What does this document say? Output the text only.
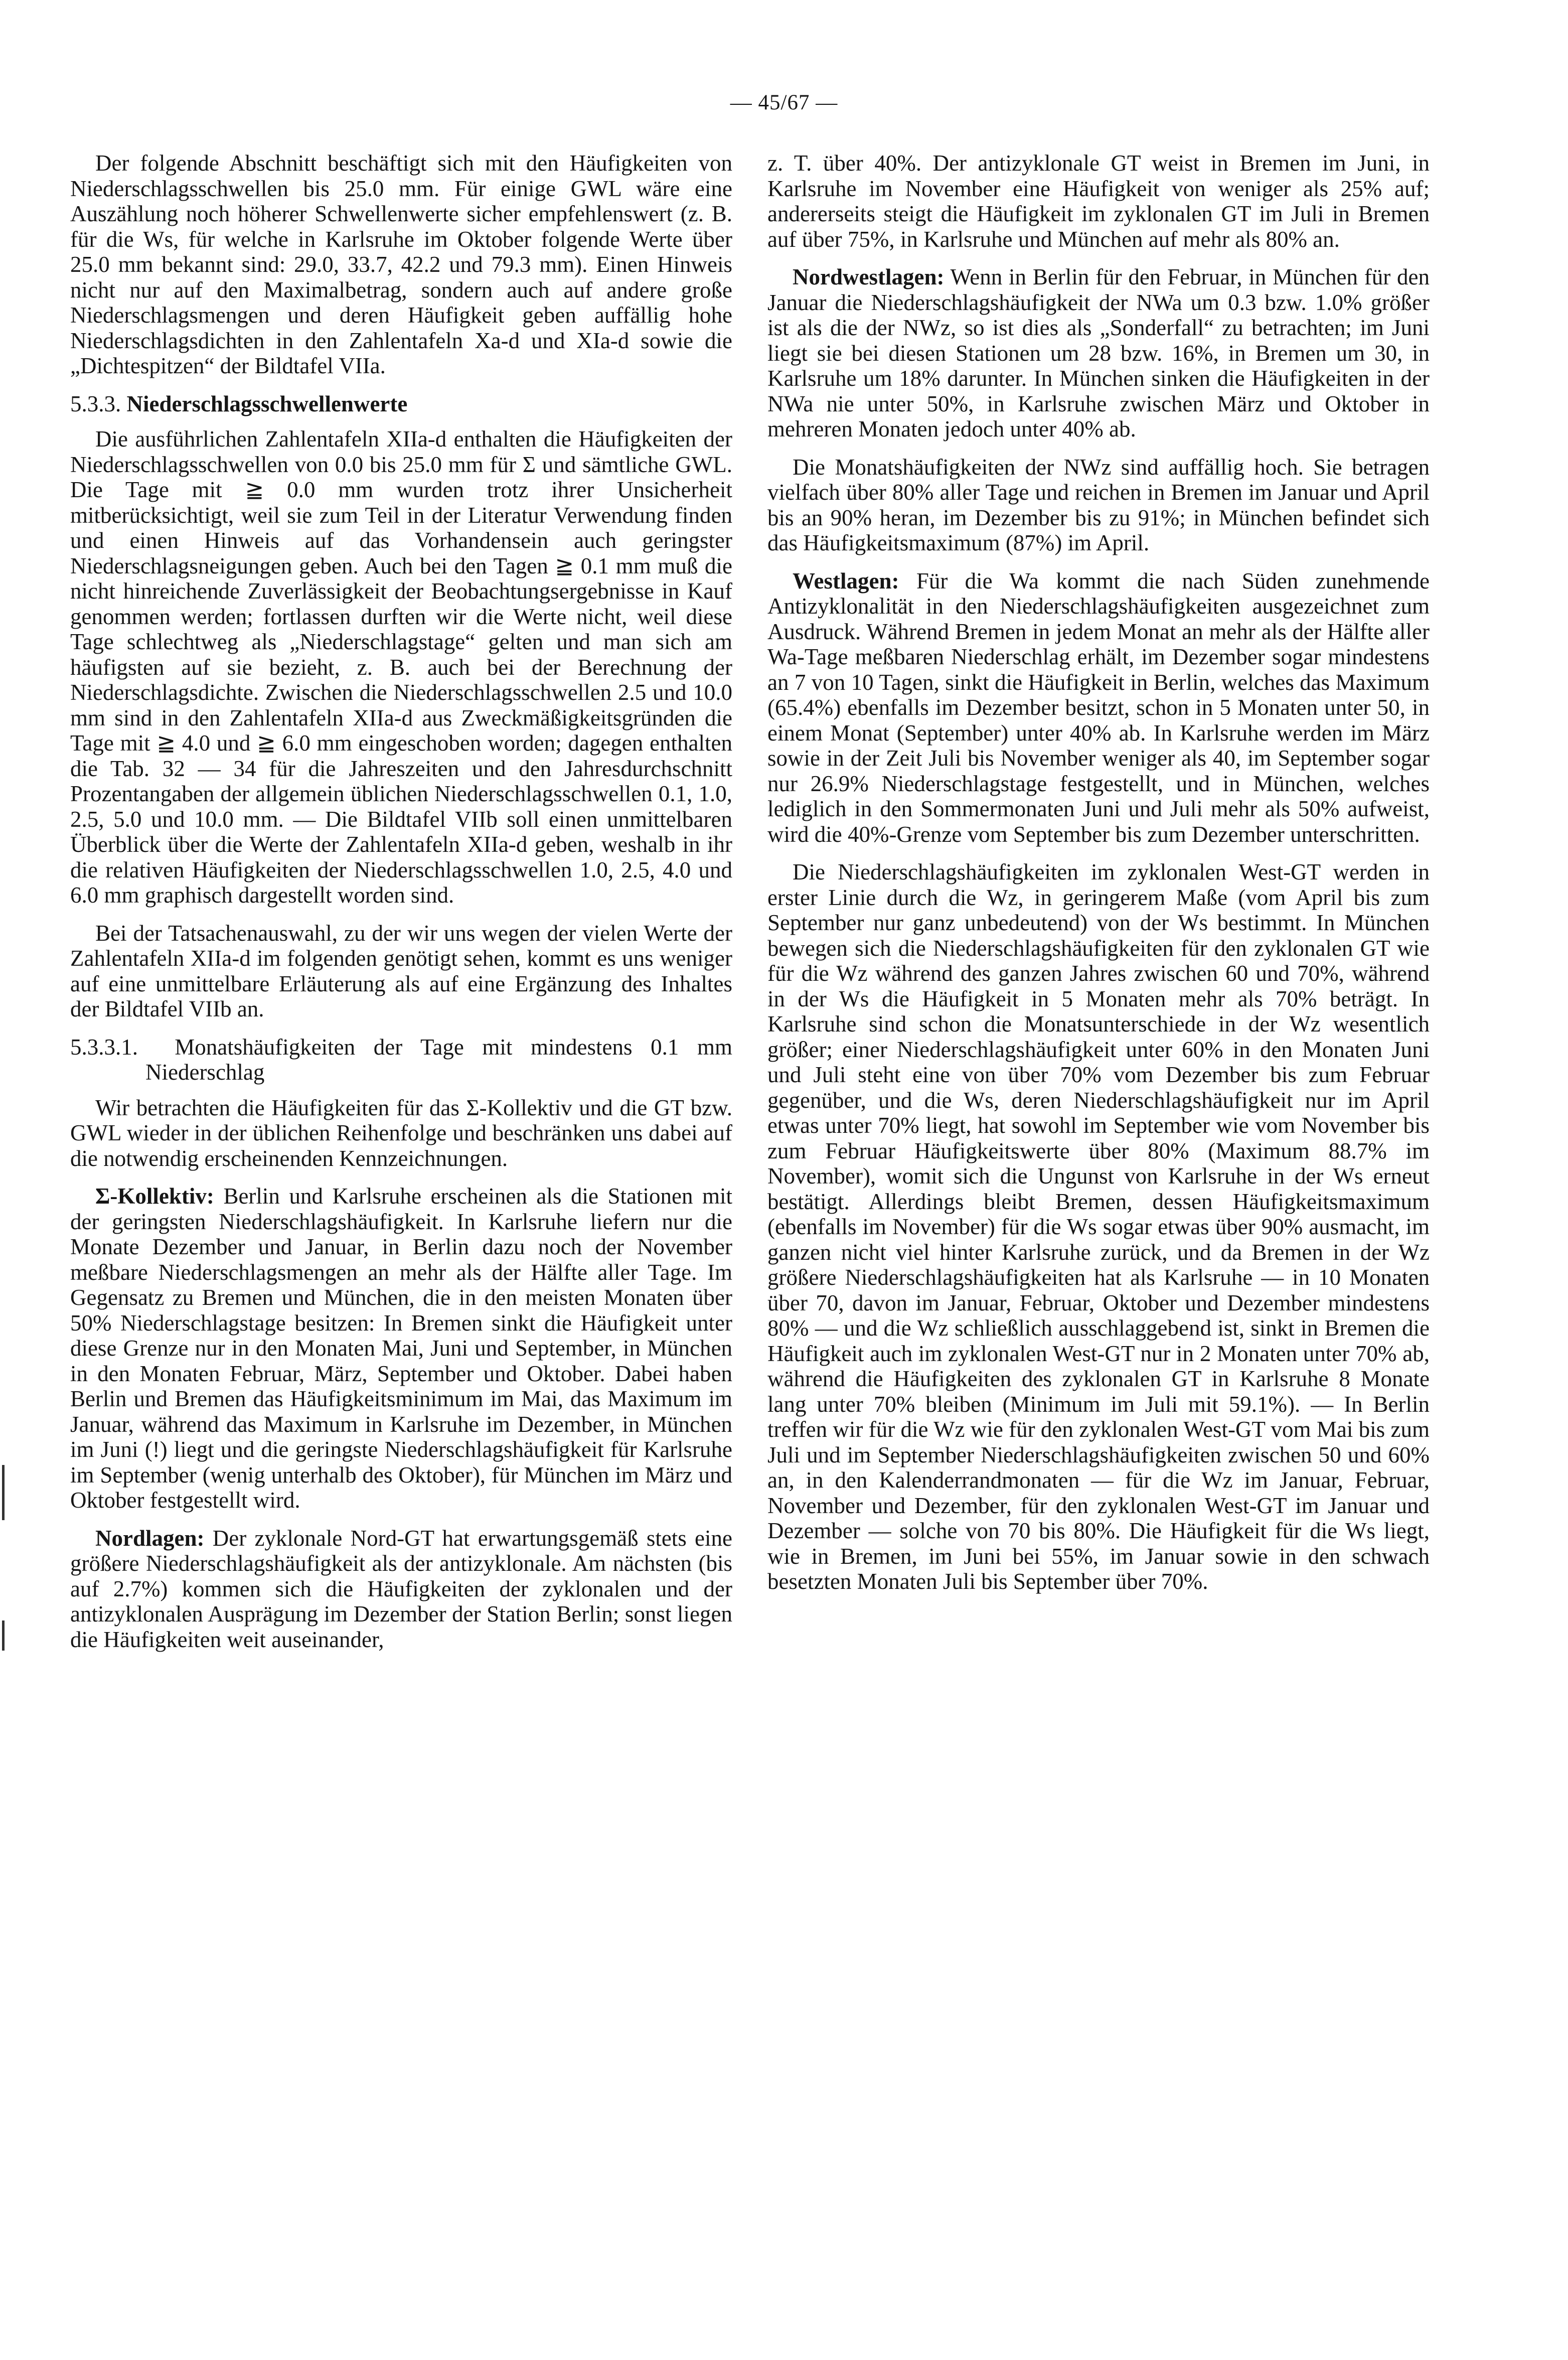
— 45/67 —

Der folgende Abschnitt beschäftigt sich mit den Häufigkeiten von Niederschlagsschwellen bis 25.0 mm. Für einige GWL wäre eine Auszählung noch höherer Schwellenwerte sicher empfehlenswert (z. B. für die Ws, für welche in Karlsruhe im Oktober folgende Werte über 25.0 mm bekannt sind: 29.0, 33.7, 42.2 und 79.3 mm). Einen Hinweis nicht nur auf den Maximalbetrag, sondern auch auf andere große Niederschlagsmengen und deren Häufigkeit geben auffällig hohe Niederschlagsdichten in den Zahlentafeln Xa-d und XIa-d sowie die „Dichtespitzen“ der Bildtafel VIIa.

5.3.3. Niederschlagsschwellenwerte

Die ausführlichen Zahlentafeln XIIa-d enthalten die Häufigkeiten der Niederschlagsschwellen von 0.0 bis 25.0 mm für Σ und sämtliche GWL. Die Tage mit ≧ 0.0 mm wurden trotz ihrer Unsicherheit mitberücksichtigt, weil sie zum Teil in der Literatur Verwendung finden und einen Hinweis auf das Vorhandensein auch geringster Niederschlagsneigungen geben. Auch bei den Tagen ≧ 0.1 mm muß die nicht hinreichende Zuverlässigkeit der Beobachtungsergebnisse in Kauf genommen werden; fortlassen durften wir die Werte nicht, weil diese Tage schlechtweg als „Niederschlagstage“ gelten und man sich am häufigsten auf sie bezieht, z. B. auch bei der Berechnung der Niederschlagsdichte. Zwischen die Niederschlagsschwellen 2.5 und 10.0 mm sind in den Zahlentafeln XIIa-d aus Zweckmäßigkeitsgründen die Tage mit ≧ 4.0 und ≧ 6.0 mm eingeschoben worden; dagegen enthalten die Tab. 32 — 34 für die Jahreszeiten und den Jahresdurchschnitt Prozentangaben der allgemein üblichen Niederschlagsschwellen 0.1, 1.0, 2.5, 5.0 und 10.0 mm. — Die Bildtafel VIIb soll einen unmittelbaren Überblick über die Werte der Zahlentafeln XIIa-d geben, weshalb in ihr die relativen Häufigkeiten der Niederschlagsschwellen 1.0, 2.5, 4.0 und 6.0 mm graphisch dargestellt worden sind.

Bei der Tatsachenauswahl, zu der wir uns wegen der vielen Werte der Zahlentafeln XIIa-d im folgenden genötigt sehen, kommt es uns weniger auf eine unmittelbare Erläuterung als auf eine Ergänzung des Inhaltes der Bildtafel VIIb an.

5.3.3.1. Monatshäufigkeiten der Tage mit mindestens 0.1 mm Niederschlag

Wir betrachten die Häufigkeiten für das Σ-Kollektiv und die GT bzw. GWL wieder in der üblichen Reihenfolge und beschränken uns dabei auf die notwendig erscheinenden Kennzeichnungen.

Σ-Kollektiv: Berlin und Karlsruhe erscheinen als die Stationen mit der geringsten Niederschlagshäufigkeit. In Karlsruhe liefern nur die Monate Dezember und Januar, in Berlin dazu noch der November meßbare Niederschlagsmengen an mehr als der Hälfte aller Tage. Im Gegensatz zu Bremen und München, die in den meisten Monaten über 50% Niederschlagstage besitzen: In Bremen sinkt die Häufigkeit unter diese Grenze nur in den Monaten Mai, Juni und September, in München in den Monaten Februar, März, September und Oktober. Dabei haben Berlin und Bremen das Häufigkeitsminimum im Mai, das Maximum im Januar, während das Maximum in Karlsruhe im Dezember, in München im Juni (!) liegt und die geringste Niederschlagshäufigkeit für Karlsruhe im September (wenig unterhalb des Oktober), für München im März und Oktober festgestellt wird.

Nordlagen: Der zyklonale Nord-GT hat erwartungsgemäß stets eine größere Niederschlagshäufigkeit als der antizyklonale. Am nächsten (bis auf 2.7%) kommen sich die Häufigkeiten der zyklonalen und der antizyklonalen Ausprägung im Dezember der Station Berlin; sonst liegen die Häufigkeiten weit auseinander,

z. T. über 40%. Der antizyklonale GT weist in Bremen im Juni, in Karlsruhe im November eine Häufigkeit von weniger als 25% auf; andererseits steigt die Häufigkeit im zyklonalen GT im Juli in Bremen auf über 75%, in Karlsruhe und München auf mehr als 80% an.

Nordwestlagen: Wenn in Berlin für den Februar, in München für den Januar die Niederschlagshäufigkeit der NWa um 0.3 bzw. 1.0% größer ist als die der NWz, so ist dies als „Sonderfall“ zu betrachten; im Juni liegt sie bei diesen Stationen um 28 bzw. 16%, in Bremen um 30, in Karlsruhe um 18% darunter. In München sinken die Häufigkeiten in der NWa nie unter 50%, in Karlsruhe zwischen März und Oktober in mehreren Monaten jedoch unter 40% ab.

Die Monatshäufigkeiten der NWz sind auffällig hoch. Sie betragen vielfach über 80% aller Tage und reichen in Bremen im Januar und April bis an 90% heran, im Dezember bis zu 91%; in München befindet sich das Häufigkeitsmaximum (87%) im April.

Westlagen: Für die Wa kommt die nach Süden zunehmende Antizyklonalität in den Niederschlagshäufigkeiten ausgezeichnet zum Ausdruck. Während Bremen in jedem Monat an mehr als der Hälfte aller Wa-Tage meßbaren Niederschlag erhält, im Dezember sogar mindestens an 7 von 10 Tagen, sinkt die Häufigkeit in Berlin, welches das Maximum (65.4%) ebenfalls im Dezember besitzt, schon in 5 Monaten unter 50, in einem Monat (September) unter 40% ab. In Karlsruhe werden im März sowie in der Zeit Juli bis November weniger als 40, im September sogar nur 26.9% Niederschlagstage festgestellt, und in München, welches lediglich in den Sommermonaten Juni und Juli mehr als 50% aufweist, wird die 40%-Grenze vom September bis zum Dezember unterschritten.

Die Niederschlagshäufigkeiten im zyklonalen West-GT werden in erster Linie durch die Wz, in geringerem Maße (vom April bis zum September nur ganz unbedeutend) von der Ws bestimmt. In München bewegen sich die Niederschlagshäufigkeiten für den zyklonalen GT wie für die Wz während des ganzen Jahres zwischen 60 und 70%, während in der Ws die Häufigkeit in 5 Monaten mehr als 70% beträgt. In Karlsruhe sind schon die Monatsunterschiede in der Wz wesentlich größer; einer Niederschlagshäufigkeit unter 60% in den Monaten Juni und Juli steht eine von über 70% vom Dezember bis zum Februar gegenüber, und die Ws, deren Niederschlagshäufigkeit nur im April etwas unter 70% liegt, hat sowohl im September wie vom November bis zum Februar Häufigkeitswerte über 80% (Maximum 88.7% im November), womit sich die Ungunst von Karlsruhe in der Ws erneut bestätigt. Allerdings bleibt Bremen, dessen Häufigkeitsmaximum (ebenfalls im November) für die Ws sogar etwas über 90% ausmacht, im ganzen nicht viel hinter Karlsruhe zurück, und da Bremen in der Wz größere Niederschlagshäufigkeiten hat als Karlsruhe — in 10 Monaten über 70, davon im Januar, Februar, Oktober und Dezember mindestens 80% — und die Wz schließlich ausschlaggebend ist, sinkt in Bremen die Häufigkeit auch im zyklonalen West-GT nur in 2 Monaten unter 70% ab, während die Häufigkeiten des zyklonalen GT in Karlsruhe 8 Monate lang unter 70% bleiben (Minimum im Juli mit 59.1%). — In Berlin treffen wir für die Wz wie für den zyklonalen West-GT vom Mai bis zum Juli und im September Niederschlagshäufigkeiten zwischen 50 und 60% an, in den Kalenderrandmonaten — für die Wz im Januar, Februar, November und Dezember, für den zyklonalen West-GT im Januar und Dezember — solche von 70 bis 80%. Die Häufigkeit für die Ws liegt, wie in Bremen, im Juni bei 55%, im Januar sowie in den schwach besetzten Monaten Juli bis September über 70%.
